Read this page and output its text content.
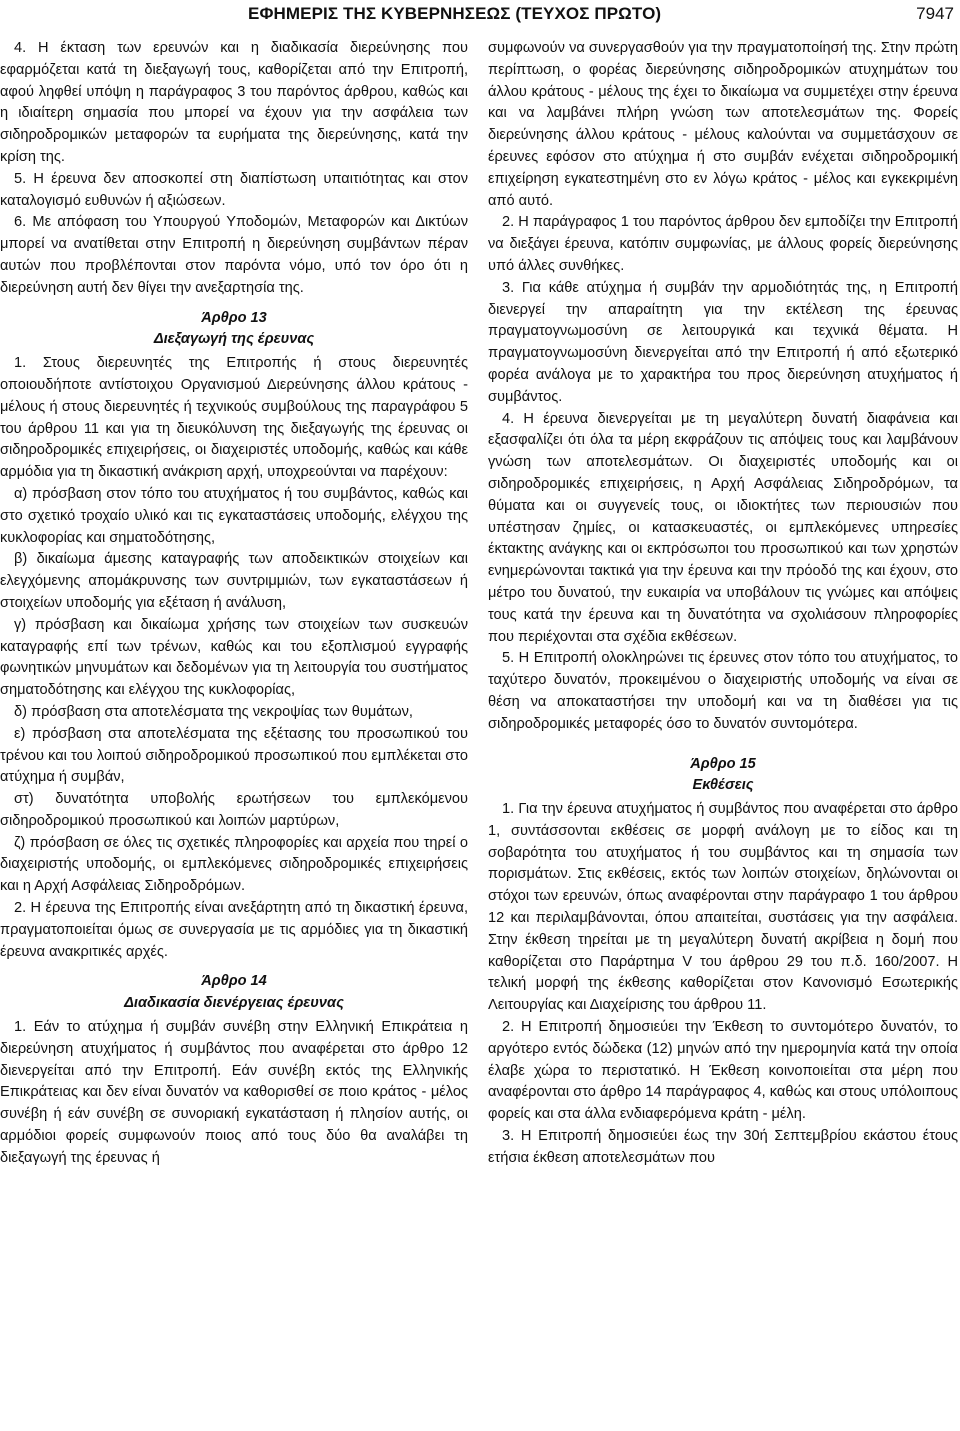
ΕΦΗΜΕΡΙΣ ΤΗΣ ΚΥΒΕΡΝΗΣΕΩΣ (ΤΕΥΧΟΣ ΠΡΩΤΟ)	7947

4. Η έκταση των ερευνών και η διαδικασία διερεύνησης που εφαρμόζεται κατά τη διεξαγωγή τους, καθορίζεται από την Επιτροπή, αφού ληφθεί υπόψη η παράγραφος 3 του παρόντος άρθρου, καθώς και η ιδιαίτερη σημασία που μπορεί να έχουν για την ασφάλεια των σιδηροδρομικών μεταφορών τα ευρήματα της διερεύνησης, κατά την κρίση της.

5. Η έρευνα δεν αποσκοπεί στη διαπίστωση υπαιτιότητας και στον καταλογισμό ευθυνών ή αξιώσεων.

6. Με απόφαση του Υπουργού Υποδομών, Μεταφορών και Δικτύων μπορεί να ανατίθεται στην Επιτροπή η διερεύνηση συμβάντων πέραν αυτών που προβλέπονται στον παρόντα νόμο, υπό τον όρο ότι η διερεύνηση αυτή δεν θίγει την ανεξαρτησία της.

Άρθρο 13
Διεξαγωγή της έρευνας

1. Στους διερευνητές της Επιτροπής ή στους διερευνητές οποιουδήποτε αντίστοιχου Οργανισμού Διερεύνησης άλλου κράτους - μέλους ή στους διερευνητές ή τεχνικούς συμβούλους της παραγράφου 5 του άρθρου 11 και για τη διευκόλυνση της διεξαγωγής της έρευνας οι σιδηροδρομικές επιχειρήσεις, οι διαχειριστές υποδομής, καθώς και κάθε αρμόδια για τη δικαστική ανάκριση αρχή, υποχρεούνται να παρέχουν:

α) πρόσβαση στον τόπο του ατυχήματος ή του συμβάντος, καθώς και στο σχετικό τροχαίο υλικό και τις εγκαταστάσεις υποδομής, ελέγχου της κυκλοφορίας και σηματοδότησης,

β) δικαίωμα άμεσης καταγραφής των αποδεικτικών στοιχείων και ελεγχόμενης απομάκρυνσης των συντριμμιών, των εγκαταστάσεων ή στοιχείων υποδομής για εξέταση ή ανάλυση,

γ) πρόσβαση και δικαίωμα χρήσης των στοιχείων των συσκευών καταγραφής επί των τρένων, καθώς και του εξοπλισμού εγγραφής φωνητικών μηνυμάτων και δεδομένων για τη λειτουργία του συστήματος σηματοδότησης και ελέγχου της κυκλοφορίας,

δ) πρόσβαση στα αποτελέσματα της νεκροψίας των θυμάτων,

ε) πρόσβαση στα αποτελέσματα της εξέτασης του προσωπικού του τρένου και του λοιπού σιδηροδρομικού προσωπικού που εμπλέκεται στο ατύχημα ή συμβάν,

στ) δυνατότητα υποβολής ερωτήσεων του εμπλεκόμενου σιδηροδρομικού προσωπικού και λοιπών μαρτύρων,

ζ) πρόσβαση σε όλες τις σχετικές πληροφορίες και αρχεία που τηρεί ο διαχειριστής υποδομής, οι εμπλεκόμενες σιδηροδρομικές επιχειρήσεις και η Αρχή Ασφάλειας Σιδηροδρόμων.

2. Η έρευνα της Επιτροπής είναι ανεξάρτητη από τη δικαστική έρευνα, πραγματοποιείται όμως σε συνεργασία με τις αρμόδιες για τη δικαστική έρευνα ανακριτικές αρχές.

Άρθρο 14
Διαδικασία διενέργειας έρευνας

1. Εάν το ατύχημα ή συμβάν συνέβη στην Ελληνική Επικράτεια η διερεύνηση ατυχήματος ή συμβάντος που αναφέρεται στο άρθρο 12 διενεργείται από την Επιτροπή. Εάν συνέβη εκτός της Ελληνικής Επικράτειας και δεν είναι δυνατόν να καθορισθεί σε ποιο κράτος - μέλος συνέβη ή εάν συνέβη σε συνοριακή εγκατάσταση ή πλησίον αυτής, οι αρμόδιοι φορείς συμφωνούν ποιος από τους δύο θα αναλάβει τη διεξαγωγή της έρευνας ή

συμφωνούν να συνεργασθούν για την πραγματοποίησή της. Στην πρώτη περίπτωση, ο φορέας διερεύνησης σιδηροδρομικών ατυχημάτων του άλλου κράτους - μέλους της έχει το δικαίωμα να συμμετέχει στην έρευνα και να λαμβάνει πλήρη γνώση των αποτελεσμάτων της. Φορείς διερεύνησης άλλου κράτους - μέλους καλούνται να συμμετάσχουν σε έρευνες εφόσον στο ατύχημα ή στο συμβάν ενέχεται σιδηροδρομική επιχείρηση εγκατεστημένη στο εν λόγω κράτος - μέλος και εγκεκριμένη από αυτό.

2. Η παράγραφος 1 του παρόντος άρθρου δεν εμποδίζει την Επιτροπή να διεξάγει έρευνα, κατόπιν συμφωνίας, με άλλους φορείς διερεύνησης υπό άλλες συνθήκες.

3. Για κάθε ατύχημα ή συμβάν την αρμοδιότητάς της, η Επιτροπή διενεργεί την απαραίτητη για την εκτέλεση της έρευνας πραγματογνωμοσύνη σε λειτουργικά και τεχνικά θέματα. Η πραγματογνωμοσύνη διενεργείται από την Επιτροπή ή από εξωτερικό φορέα ανάλογα με το χαρακτήρα του προς διερεύνηση ατυχήματος ή συμβάντος.

4. Η έρευνα διενεργείται με τη μεγαλύτερη δυνατή διαφάνεια και εξασφαλίζει ότι όλα τα μέρη εκφράζουν τις απόψεις τους και λαμβάνουν γνώση των αποτελεσμάτων. Οι διαχειριστές υποδομής και οι σιδηροδρομικές επιχειρήσεις, η Αρχή Ασφάλειας Σιδηροδρόμων, τα θύματα και οι συγγενείς τους, οι ιδιοκτήτες των περιουσιών που υπέστησαν ζημίες, οι κατασκευαστές, οι εμπλεκόμενες υπηρεσίες έκτακτης ανάγκης και οι εκπρόσωποι του προσωπικού και των χρηστών ενημερώνονται τακτικά για την έρευνα και την πρόοδό της και έχουν, στο μέτρο του δυνατού, την ευκαιρία να υποβάλουν τις γνώμες και απόψεις τους κατά την έρευνα και τη δυνατότητα να σχολιάσουν πληροφορίες που περιέχονται στα σχέδια εκθέσεων.

5. Η Επιτροπή ολοκληρώνει τις έρευνες στον τόπο του ατυχήματος, το ταχύτερο δυνατόν, προκειμένου ο διαχειριστής υποδομής να είναι σε θέση να αποκαταστήσει την υποδομή και να τη διαθέσει για τις σιδηροδρομικές μεταφορές όσο το δυνατόν συντομότερα.

Άρθρο 15
Εκθέσεις

1. Για την έρευνα ατυχήματος ή συμβάντος που αναφέρεται στο άρθρο 1, συντάσσονται εκθέσεις σε μορφή ανάλογη με το είδος και τη σοβαρότητα του ατυχήματος ή του συμβάντος και τη σημασία των πορισμάτων. Στις εκθέσεις, εκτός των λοιπών στοιχείων, δηλώνονται οι στόχοι των ερευνών, όπως αναφέρονται στην παράγραφο 1 του άρθρου 12 και περιλαμβάνονται, όπου απαιτείται, συστάσεις για την ασφάλεια. Στην έκθεση τηρείται με τη μεγαλύτερη δυνατή ακρίβεια η δομή που καθορίζεται στο Παράρτημα V του άρθρου 29 του π.δ. 160/2007. Η τελική μορφή της έκθεσης καθορίζεται στον Κανονισμό Εσωτερικής Λειτουργίας και Διαχείρισης του άρθρου 11.

2. Η Επιτροπή δημοσιεύει την Έκθεση το συντομότερο δυνατόν, το αργότερο εντός δώδεκα (12) μηνών από την ημερομηνία κατά την οποία έλαβε χώρα το περιστατικό. Η Έκθεση κοινοποιείται στα μέρη που αναφέρονται στο άρθρο 14 παράγραφος 4, καθώς και στους υπόλοιπους φορείς και στα άλλα ενδιαφερόμενα κράτη - μέλη.

3. Η Επιτροπή δημοσιεύει έως την 30ή Σεπτεμβρίου εκάστου έτους ετήσια έκθεση αποτελεσμάτων που
